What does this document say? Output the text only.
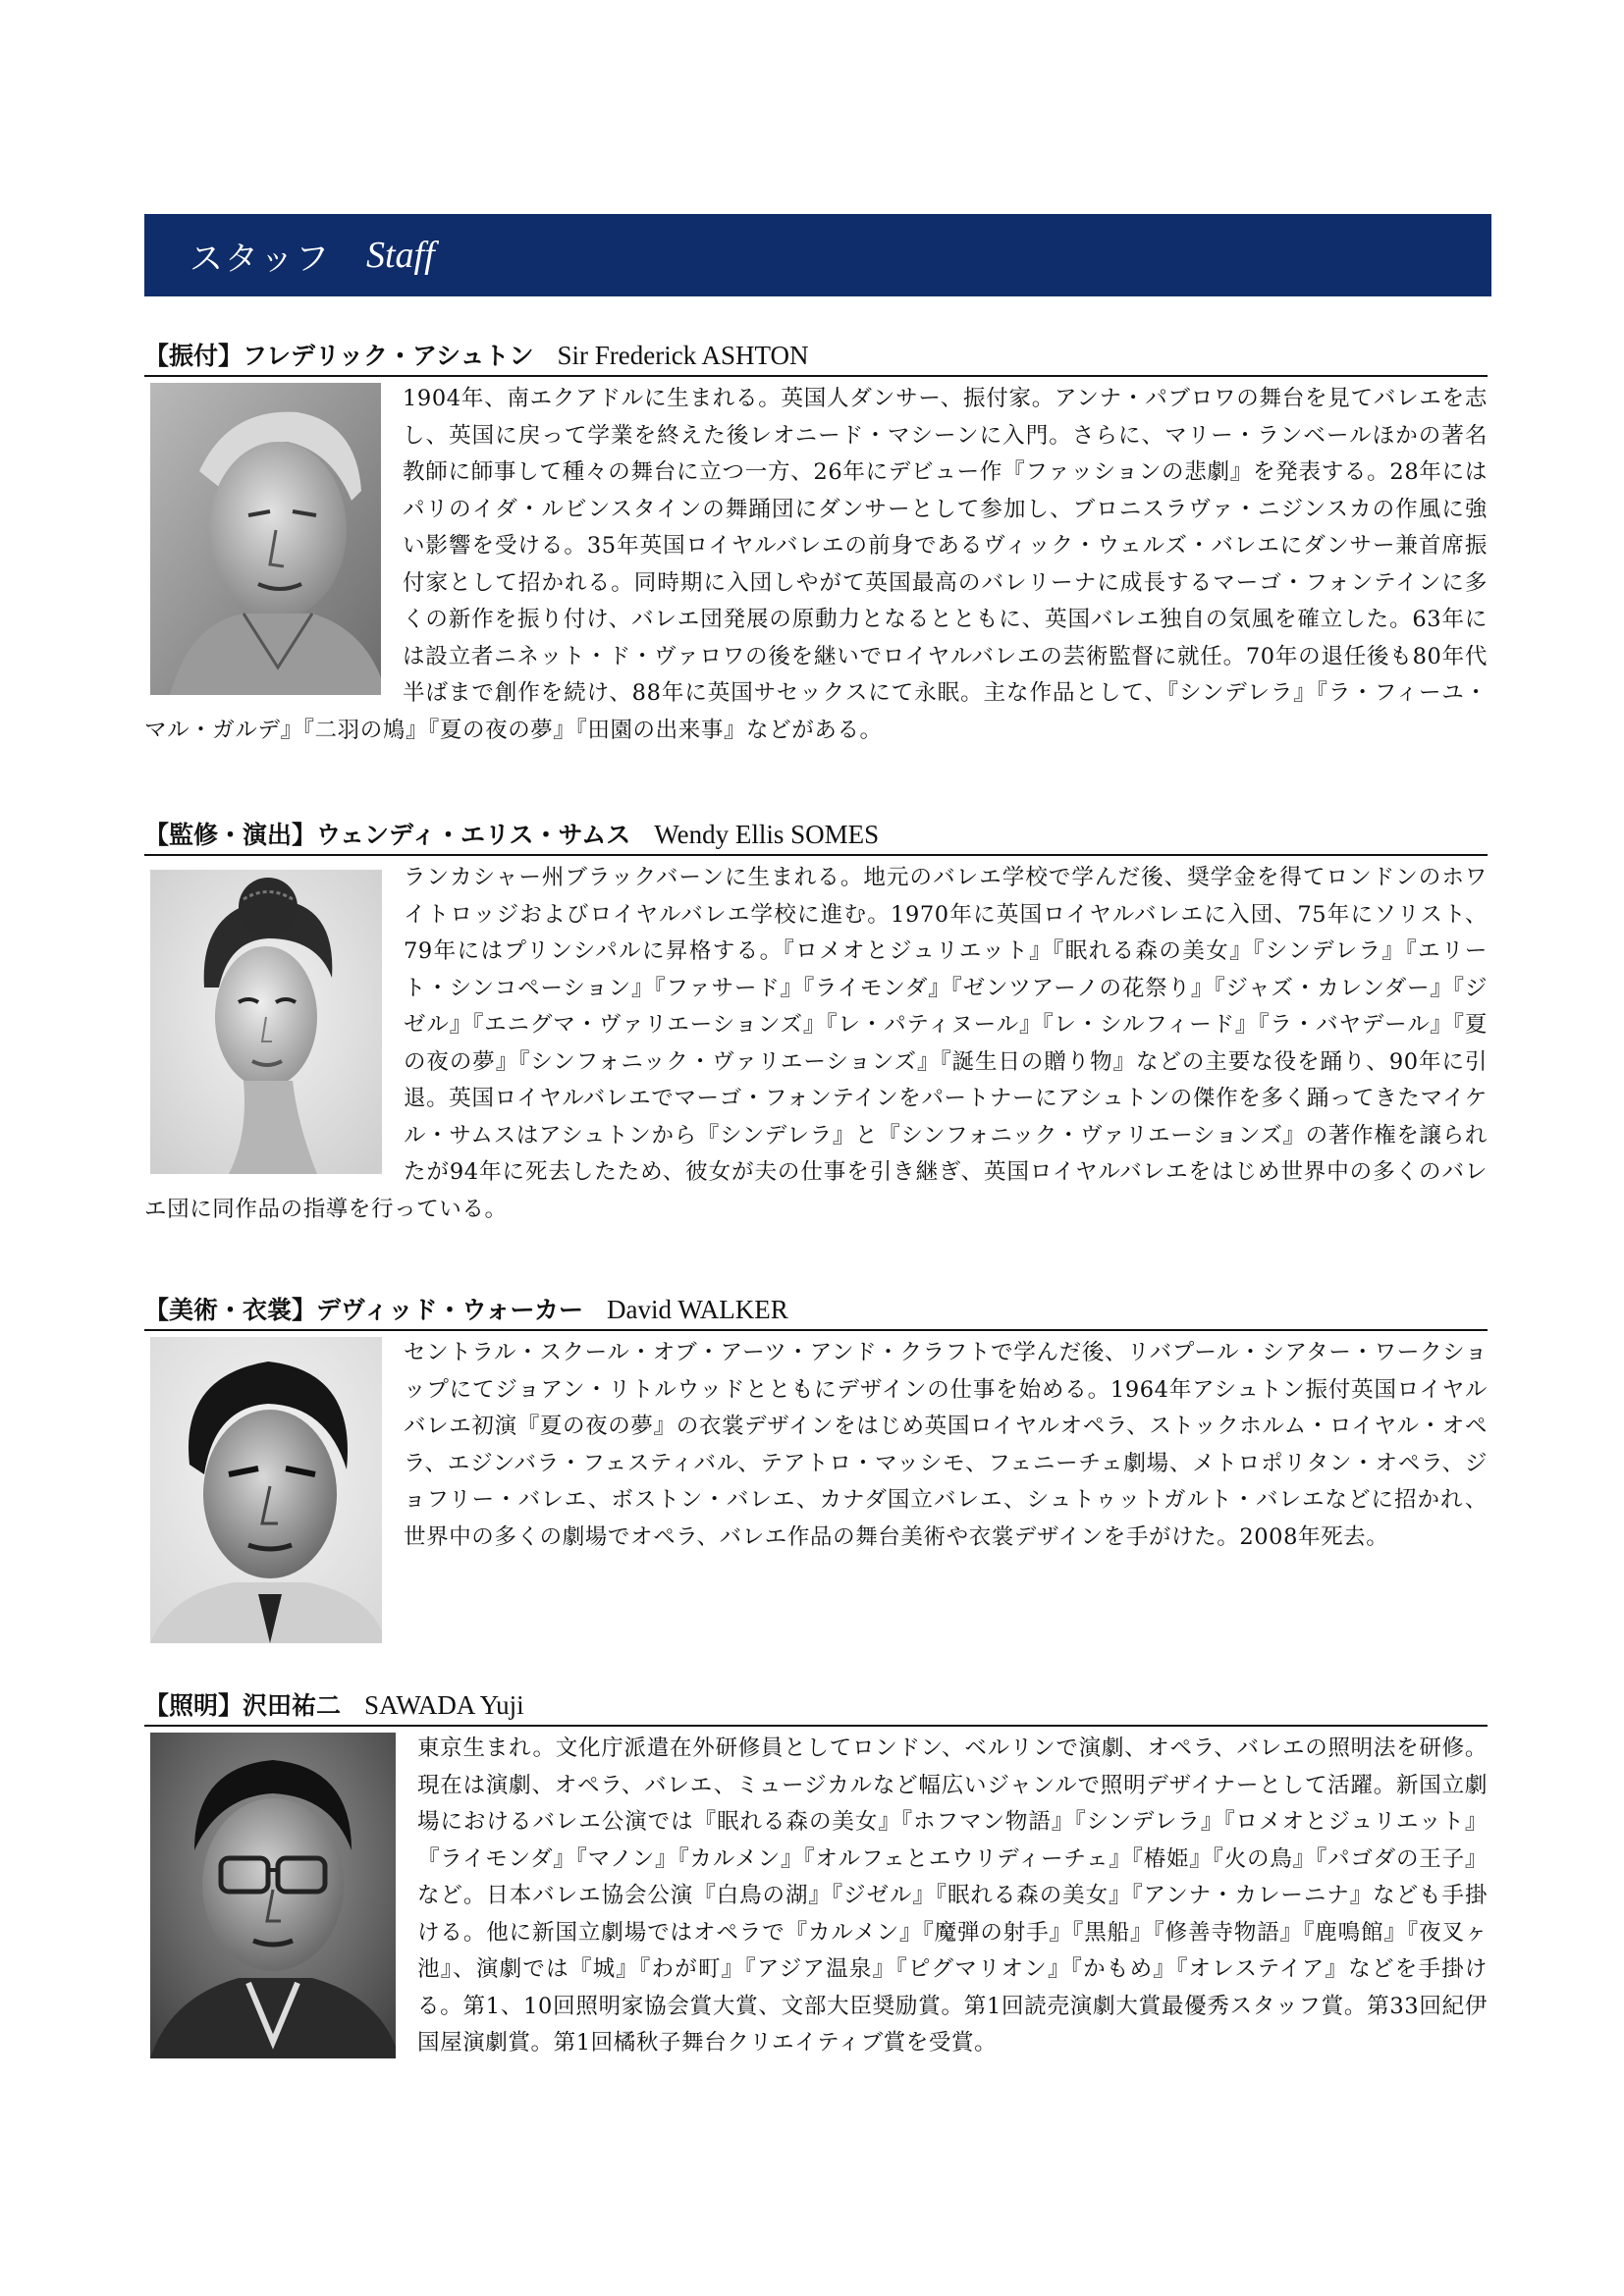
スタッフ Staff
【振付】フレデリック・アシュトン Sir Frederick ASHTON

1904年、南エクアドルに生まれる。英国人ダンサー、振付家。アンナ・パブロワの舞台を見てバレエを志し、英国に戻って学業を終えた後レオニード・マシーンに入門。さらに、マリー・ランベールほかの著名教師に師事して種々の舞台に立つ一方、26年にデビュー作『ファッションの悲劇』を発表する。28年にはパリのイダ・ルビンスタインの舞踊団にダンサーとして参加し、ブロニスラヴァ・ニジンスカの作風に強い影響を受ける。35年英国ロイヤルバレエの前身であるヴィック・ウェルズ・バレエにダンサー兼首席振付家として招かれる。同時期に入団しやがて英国最高のバレリーナに成長するマーゴ・フォンテインに多くの新作を振り付け、バレエ団発展の原動力となるとともに、英国バレエ独自の気風を確立した。63年には設立者ニネット・ド・ヴァロワの後を継いでロイヤルバレエの芸術監督に就任。70年の退任後も80年代半ばまで創作を続け、88年に英国サセックスにて永眠。主な作品として、『シンデレラ』『ラ・フィーユ・マル・ガルデ』『二羽の鳩』『夏の夜の夢』『田園の出来事』などがある。

【監修・演出】ウェンディ・エリス・サムス Wendy Ellis SOMES

ランカシャー州ブラックバーンに生まれる。地元のバレエ学校で学んだ後、奨学金を得てロンドンのホワイトロッジおよびロイヤルバレエ学校に進む。1970年に英国ロイヤルバレエに入団、75年にソリスト、79年にはプリンシパルに昇格する。『ロメオとジュリエット』『眠れる森の美女』『シンデレラ』『エリート・シンコペーション』『ファサード』『ライモンダ』『ゼンツアーノの花祭り』『ジャズ・カレンダー』『ジゼル』『エニグマ・ヴァリエーションズ』『レ・パティヌール』『レ・シルフィード』『ラ・バヤデール』『夏の夜の夢』『シンフォニック・ヴァリエーションズ』『誕生日の贈り物』などの主要な役を踊り、90年に引退。英国ロイヤルバレエでマーゴ・フォンテインをパートナーにアシュトンの傑作を多く踊ってきたマイケル・サムスはアシュトンから『シンデレラ』と『シンフォニック・ヴァリエーションズ』の著作権を譲られたが94年に死去したため、彼女が夫の仕事を引き継ぎ、英国ロイヤルバレエをはじめ世界中の多くのバレエ団に同作品の指導を行っている。

【美術・衣裳】デヴィッド・ウォーカー David WALKER

セントラル・スクール・オブ・アーツ・アンド・クラフトで学んだ後、リバプール・シアター・ワークショップにてジョアン・リトルウッドとともにデザインの仕事を始める。1964年アシュトン振付英国ロイヤルバレエ初演『夏の夜の夢』の衣裳デザインをはじめ英国ロイヤルオペラ、ストックホルム・ロイヤル・オペラ、エジンバラ・フェスティバル、テアトロ・マッシモ、フェニーチェ劇場、メトロポリタン・オペラ、ジョフリー・バレエ、ボストン・バレエ、カナダ国立バレエ、シュトゥットガルト・バレエなどに招かれ、世界中の多くの劇場でオペラ、バレエ作品の舞台美術や衣裳デザインを手がけた。2008年死去。

【照明】沢田祐二 SAWADA Yuji

東京生まれ。文化庁派遣在外研修員としてロンドン、ベルリンで演劇、オペラ、バレエの照明法を研修。現在は演劇、オペラ、バレエ、ミュージカルなど幅広いジャンルで照明デザイナーとして活躍。新国立劇場におけるバレエ公演では『眠れる森の美女』『ホフマン物語』『シンデレラ』『ロメオとジュリエット』『ライモンダ』『マノン』『カルメン』『オルフェとエウリディーチェ』『椿姫』『火の鳥』『パゴダの王子』など。日本バレエ協会公演『白鳥の湖』『ジゼル』『眠れる森の美女』『アンナ・カレーニナ』なども手掛ける。他に新国立劇場ではオペラで『カルメン』『魔弾の射手』『黒船』『修善寺物語』『鹿鳴館』『夜叉ヶ池』、演劇では『城』『わが町』『アジア温泉』『ピグマリオン』『かもめ』『オレステイア』などを手掛ける。第1、10回照明家協会賞大賞、文部大臣奨励賞。第1回読売演劇大賞最優秀スタッフ賞。第33回紀伊国屋演劇賞。第1回橘秋子舞台クリエイティブ賞を受賞。
